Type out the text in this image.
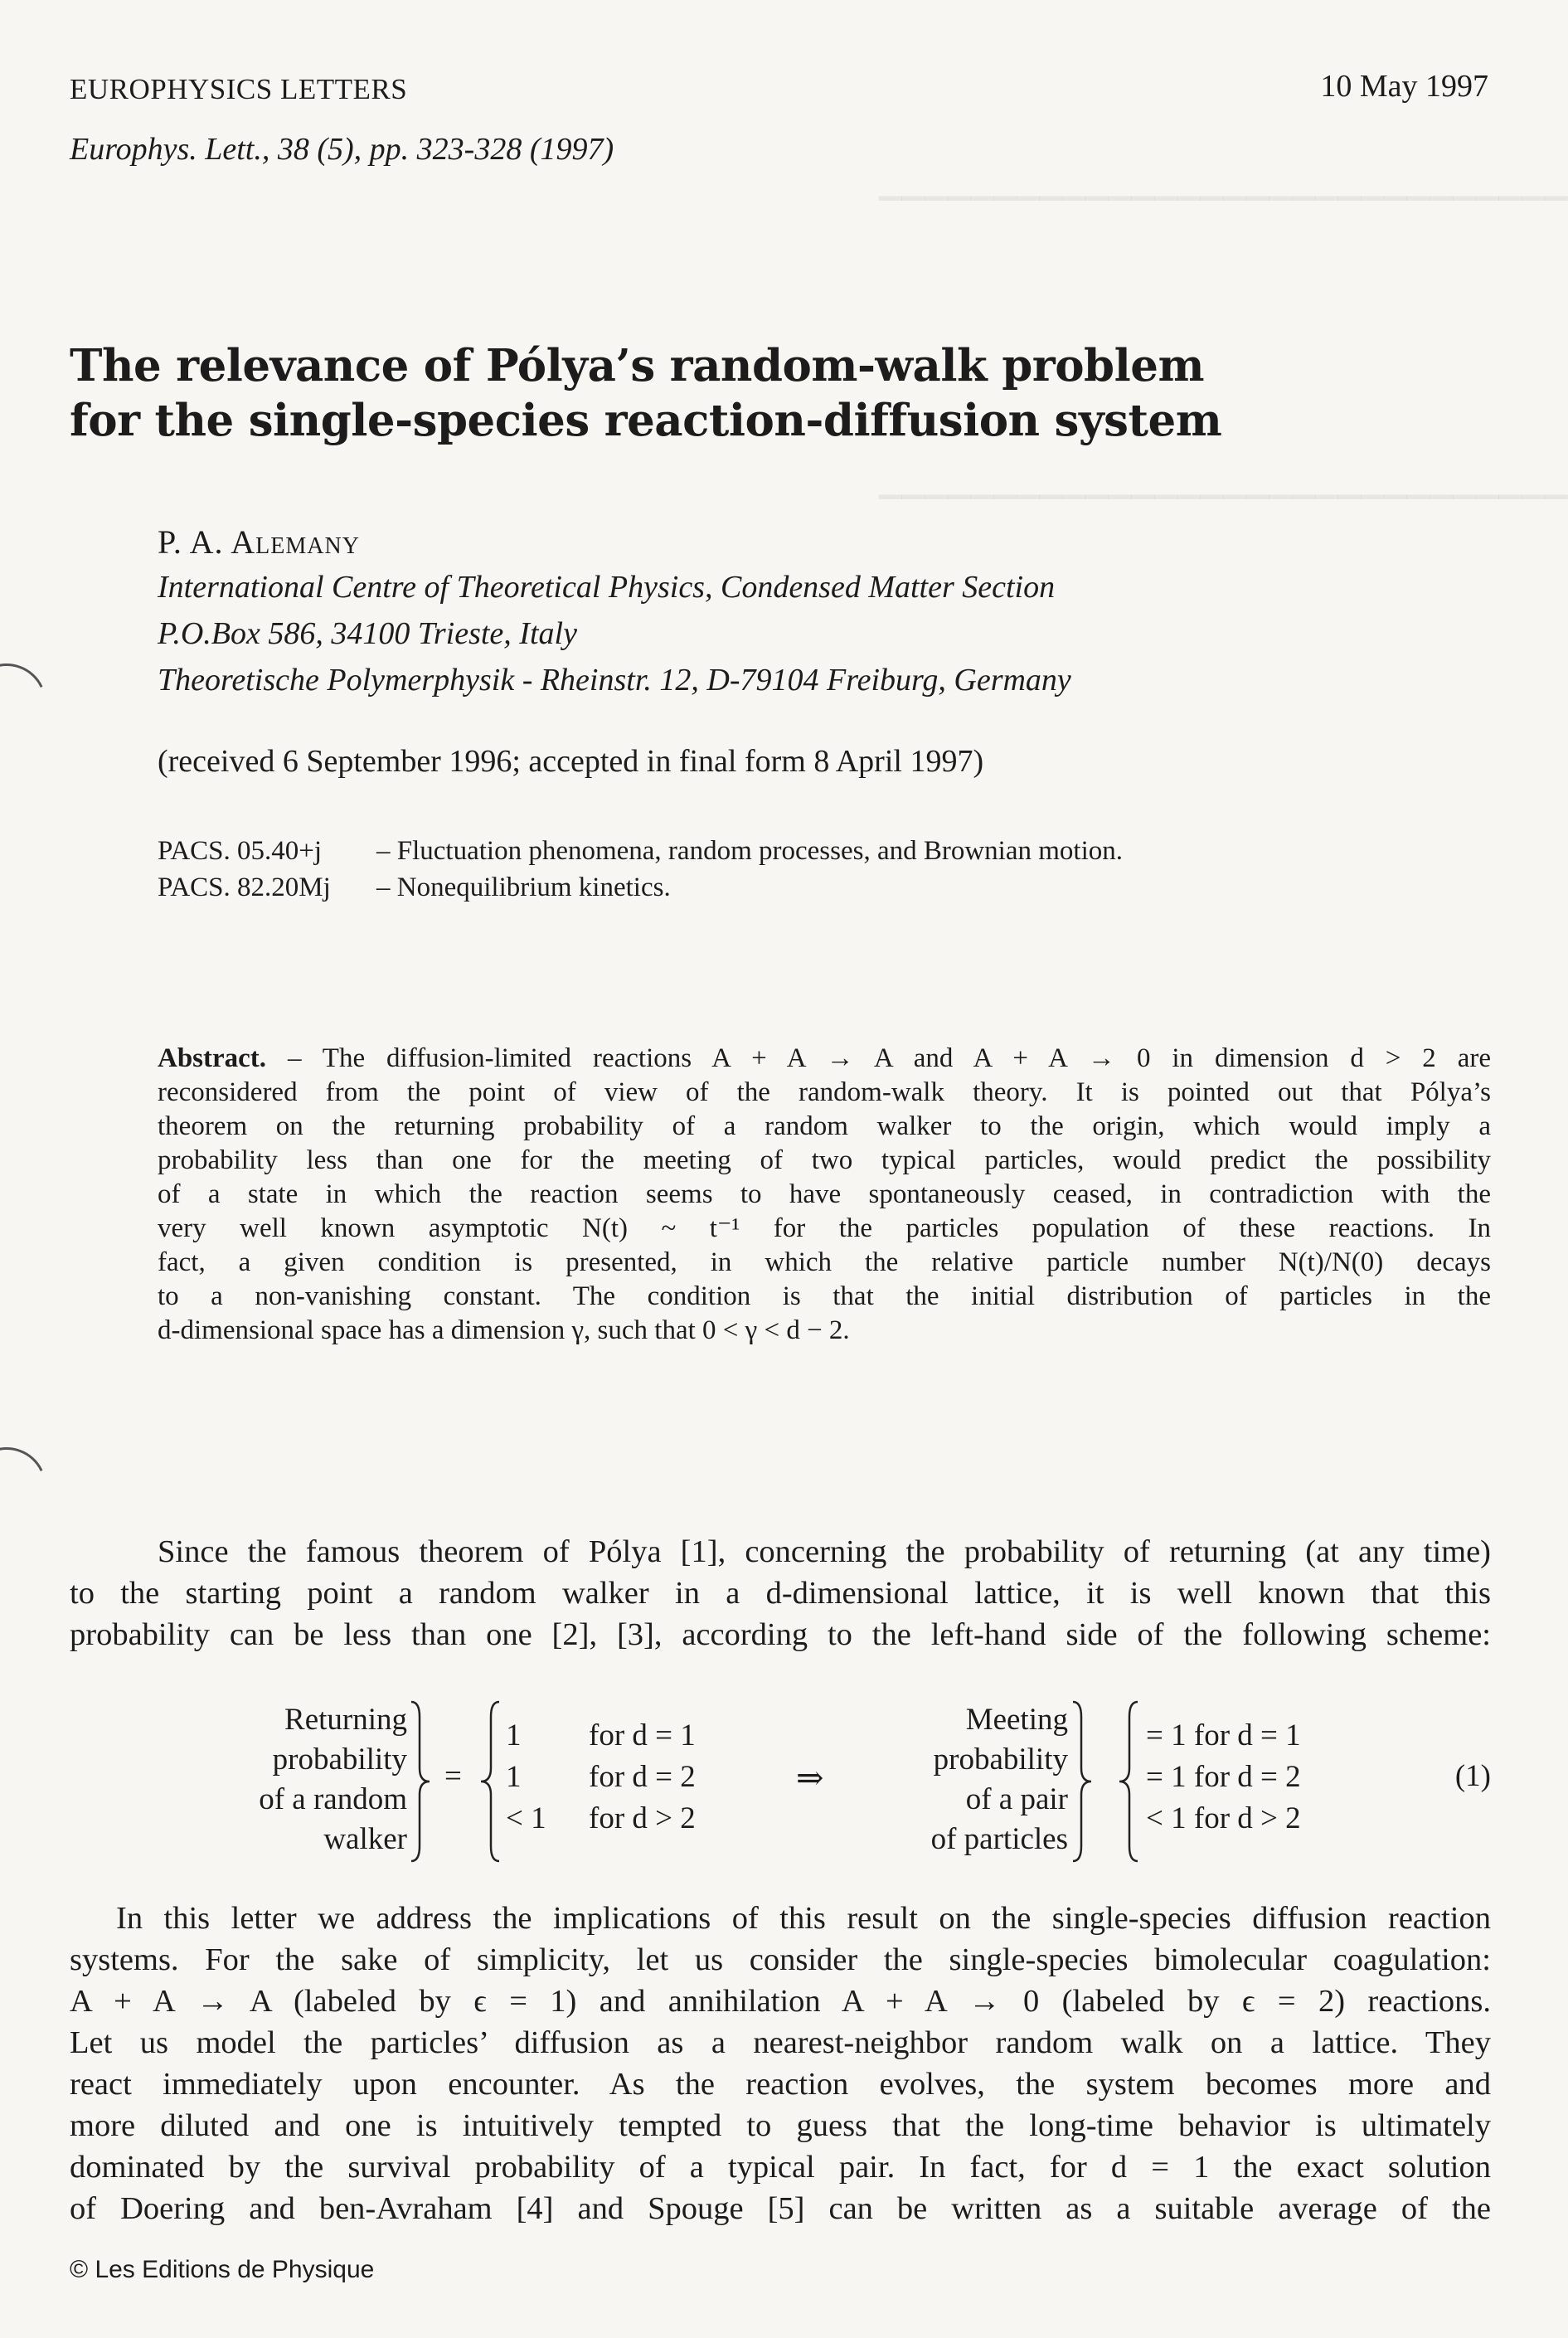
▁▁▁▁▁▁▁▁▁▁▁▁▁▁▁▁▁▁▁▁▁▁▁▁▁▁▁▁▁▁
▁▁▁▁▁▁▁▁▁▁▁▁▁▁▁▁▁▁▁▁▁▁▁▁▁▁▁▁▁▁
EUROPHYSICS LETTERS	10 May 1997
Europhys. Lett., 38 (5), pp. 323-328 (1997)
The relevance of Pólya’s random-walk problem
for the single-species reaction-diffusion system
P. A. Alemany
International Centre of Theoretical Physics, Condensed Matter Section
P.O.Box 586, 34100 Trieste, Italy
Theoretische Polymerphysik - Rheinstr. 12, D-79104 Freiburg, Germany
(received 6 September 1996; accepted in final form 8 April 1997)
PACS. 05.40+j – Fluctuation phenomena, random processes, and Brownian motion.
PACS. 82.20Mj – Nonequilibrium kinetics.
Abstract. – The diffusion-limited reactions A + A → A and A + A → 0 in dimension d > 2 are
reconsidered from the point of view of the random-walk theory. It is pointed out that Pólya’s
theorem on the returning probability of a random walker to the origin, which would imply a
probability less than one for the meeting of two typical particles, would predict the possibility
of a state in which the reaction seems to have spontaneously ceased, in contradiction with the
very well known asymptotic N(t) ~ t⁻¹ for the particles population of these reactions. In
fact, a given condition is presented, in which the relative particle number N(t)/N(0) decays
to a non-vanishing constant. The condition is that the initial distribution of particles in the
d-dimensional space has a dimension γ, such that 0 < γ < d − 2.
Since the famous theorem of Pólya [1], concerning the probability of returning (at any time)
to the starting point a random walker in a d-dimensional lattice, it is well known that this
probability can be less than one [2], [3], according to the left-hand side of the following scheme:
Returning
probability
of a random
walker
=
1 for d = 1
1 for d = 2
< 1 for d > 2
⇒
Meeting
probability
of a pair
of particles
= 1 for d = 1
= 1 for d = 2
< 1 for d > 2
(1)
In this letter we address the implications of this result on the single-species diffusion reaction
systems. For the sake of simplicity, let us consider the single-species bimolecular coagulation:
A + A → A (labeled by ϵ = 1) and annihilation A + A → 0 (labeled by ϵ = 2) reactions.
Let us model the particles’ diffusion as a nearest-neighbor random walk on a lattice. They
react immediately upon encounter. As the reaction evolves, the system becomes more and
more diluted and one is intuitively tempted to guess that the long-time behavior is ultimately
dominated by the survival probability of a typical pair. In fact, for d = 1 the exact solution
of Doering and ben-Avraham [4] and Spouge [5] can be written as a suitable average of the
© Les Editions de Physique
